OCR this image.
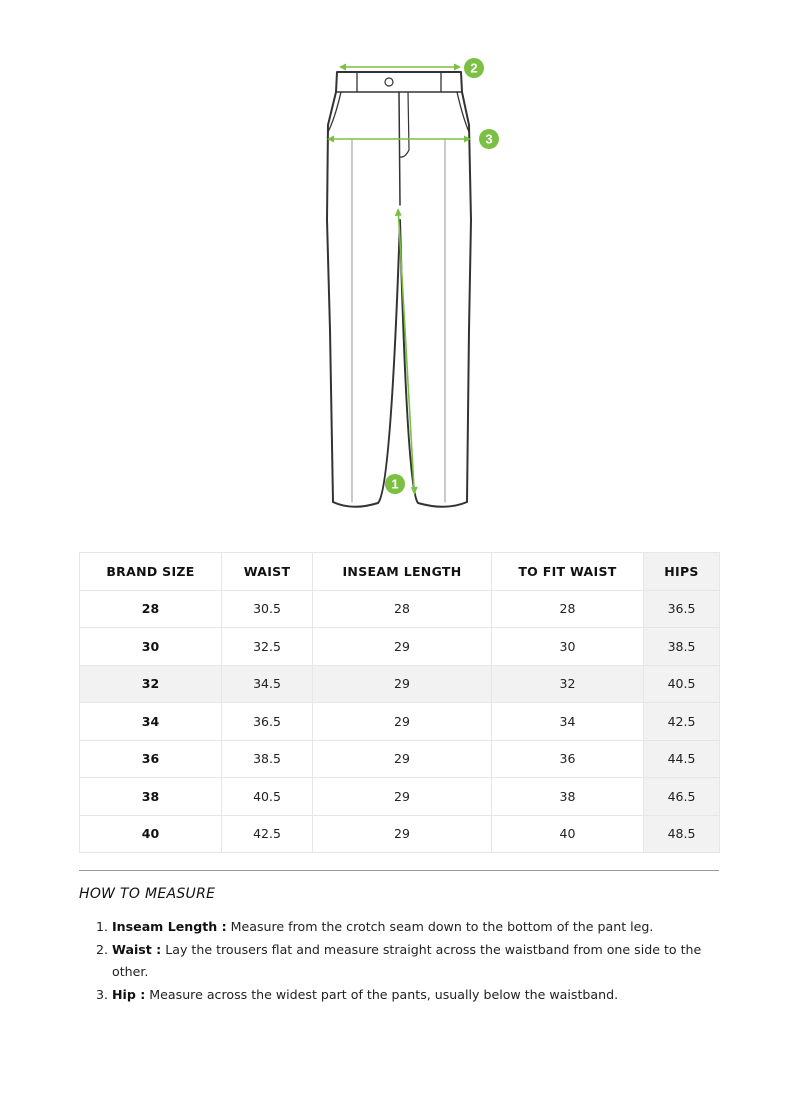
1
2
3
BRAND SIZE	WAIST	INSEAM LENGTH	TO FIT WAIST	HIPS
28	30.5	28	28	36.5
30	32.5	29	30	38.5
32	34.5	29	32	40.5
34	36.5	29	34	42.5
36	38.5	29	36	44.5
38	40.5	29	38	46.5
40	42.5	29	40	48.5
HOW TO MEASURE
1. Inseam Length : Measure from the crotch seam down to the bottom of the pant leg.
2. Waist : Lay the trousers flat and measure straight across the waistband from one side to the other.
3. Hip : Measure across the widest part of the pants, usually below the waistband.
